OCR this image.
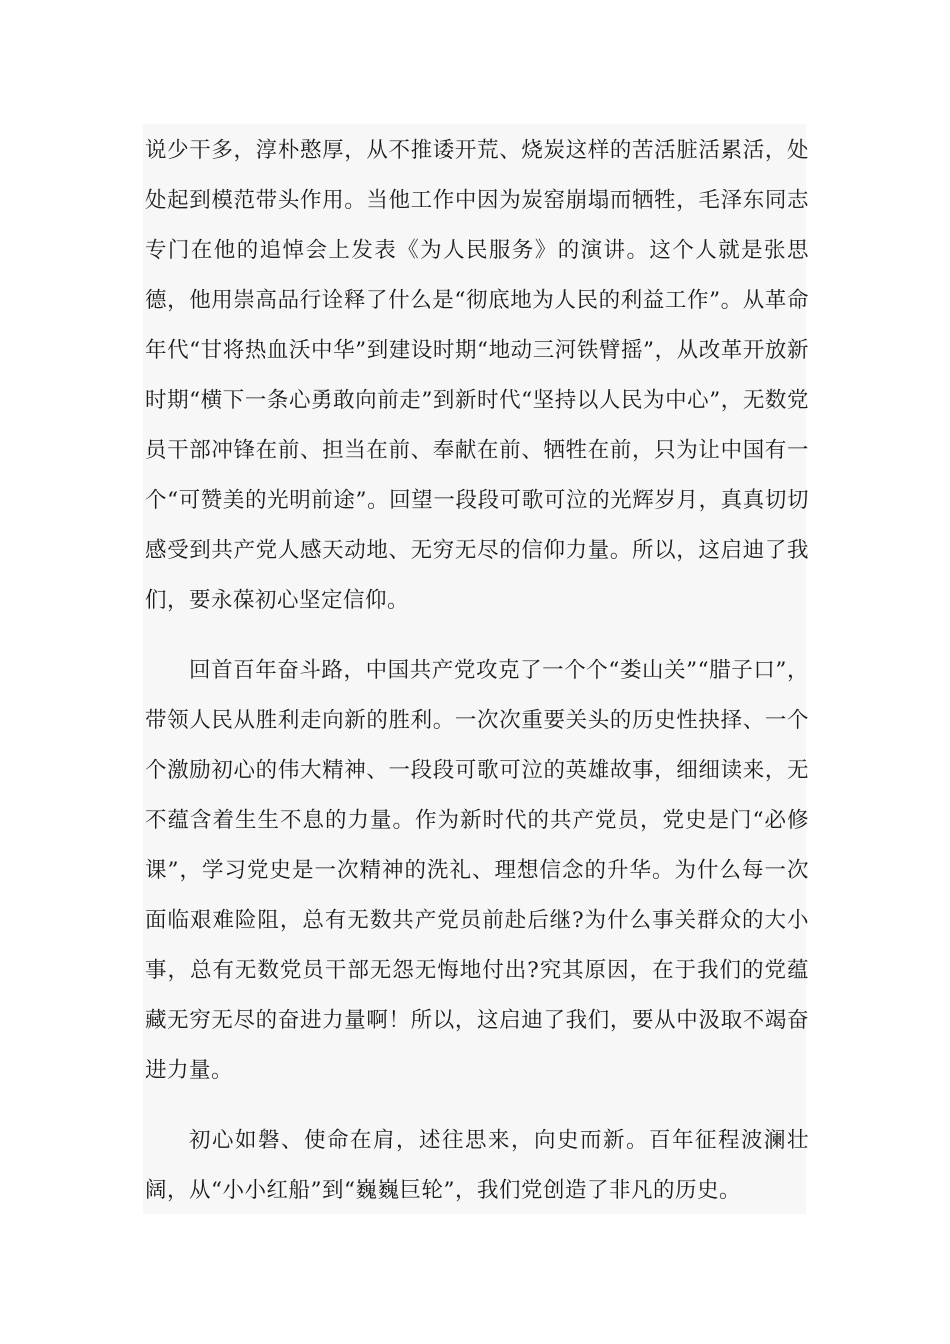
说少干多，淳朴憨厚，从不推诿开荒、烧炭这样的苦活脏活累活，处处起到模范带头作用。当他工作中因为炭窑崩塌而牺牲，毛泽东同志专门在他的追悼会上发表《为人民服务》的演讲。这个人就是张思德，他用崇高品行诠释了什么是“彻底地为人民的利益工作”。从革命年代“甘将热血沃中华”到建设时期“地动三河铁臂摇”，从改革开放新时期“横下一条心勇敢向前走”到新时代“坚持以人民为中心”，无数党员干部冲锋在前、担当在前、奉献在前、牺牲在前，只为让中国有一个“可赞美的光明前途”。回望一段段可歌可泣的光辉岁月，真真切切感受到共产党人感天动地、无穷无尽的信仰力量。所以，这启迪了我们，要永葆初心坚定信仰。

回首百年奋斗路，中国共产党攻克了一个个“娄山关”“腊子口”，带领人民从胜利走向新的胜利。一次次重要关头的历史性抉择、一个个激励初心的伟大精神、一段段可歌可泣的英雄故事，细细读来，无不蕴含着生生不息的力量。作为新时代的共产党员，党史是门“必修课”，学习党史是一次精神的洗礼、理想信念的升华。为什么每一次面临艰难险阻，总有无数共产党员前赴后继?为什么事关群众的大小事，总有无数党员干部无怨无悔地付出?究其原因，在于我们的党蕴藏无穷无尽的奋进力量啊！所以，这启迪了我们，要从中汲取不竭奋进力量。

初心如磐、使命在肩，述往思来，向史而新。百年征程波澜壮阔，从“小小红船”到“巍巍巨轮”，我们党创造了非凡的历史。
